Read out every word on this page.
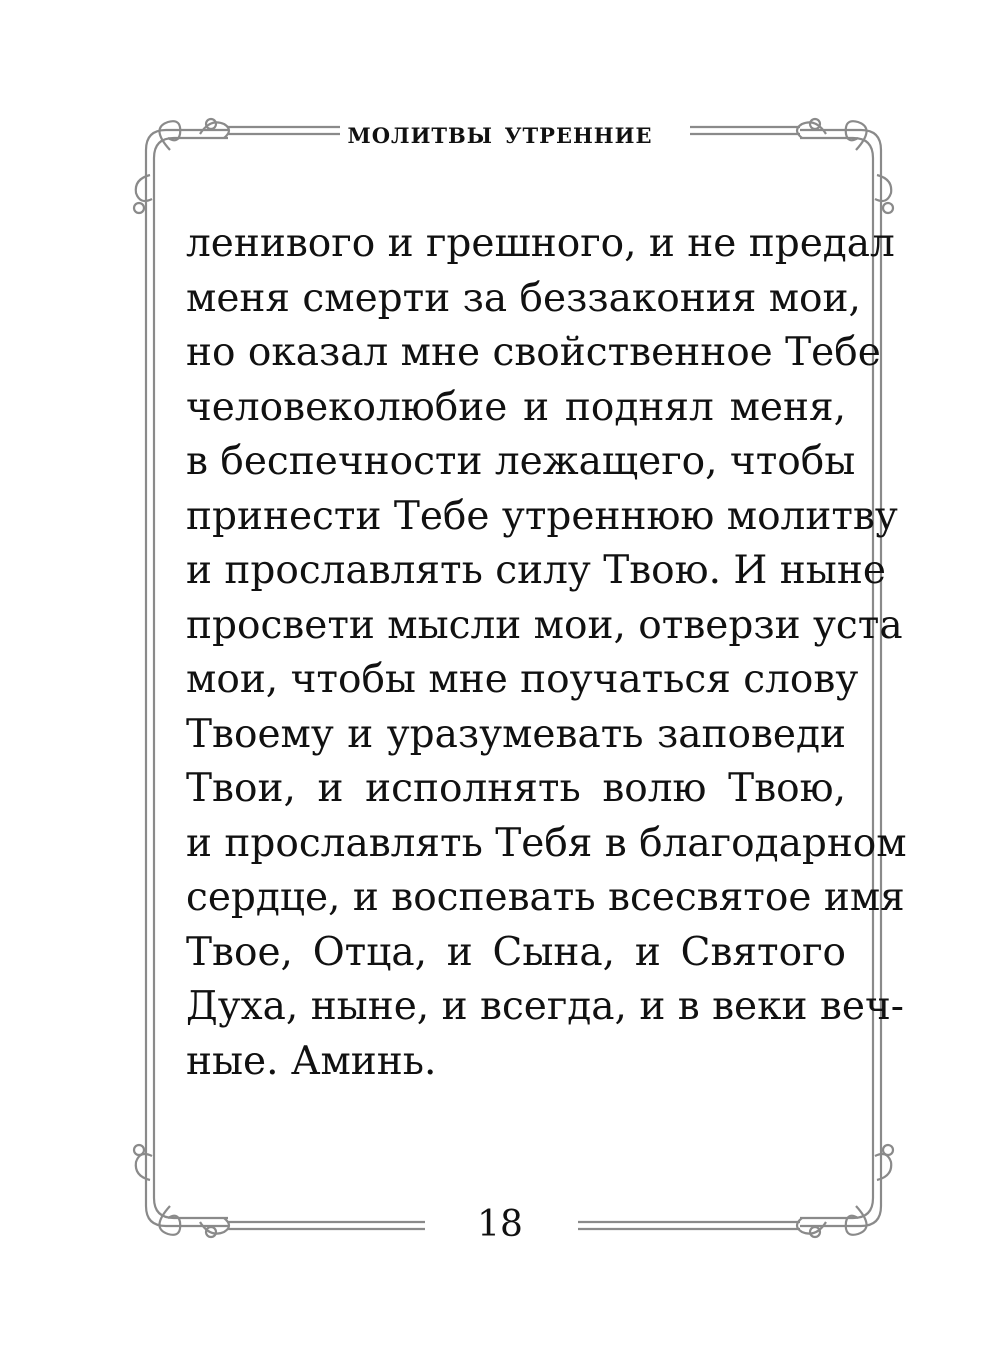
молитвы утренние
ленивого и грешного, и не предал
меня смерти за беззакония мои,
но оказал мне свойственное Тебе
человеколюбие и поднял меня,
в беспечности лежащего, чтобы
принести Тебе утреннюю молитву
и прославлять силу Твою. И ныне
просвети мысли мои, отверзи уста
мои, чтобы мне поучаться слову
Твоему и уразумевать заповеди
Твои, и исполнять волю Твою,
и прославлять Тебя в благодарном
сердце, и воспевать всесвятое имя
Твое, Отца, и Сына, и Святого
Духа, ныне, и всегда, и в веки веч-
ные. Аминь.
18
